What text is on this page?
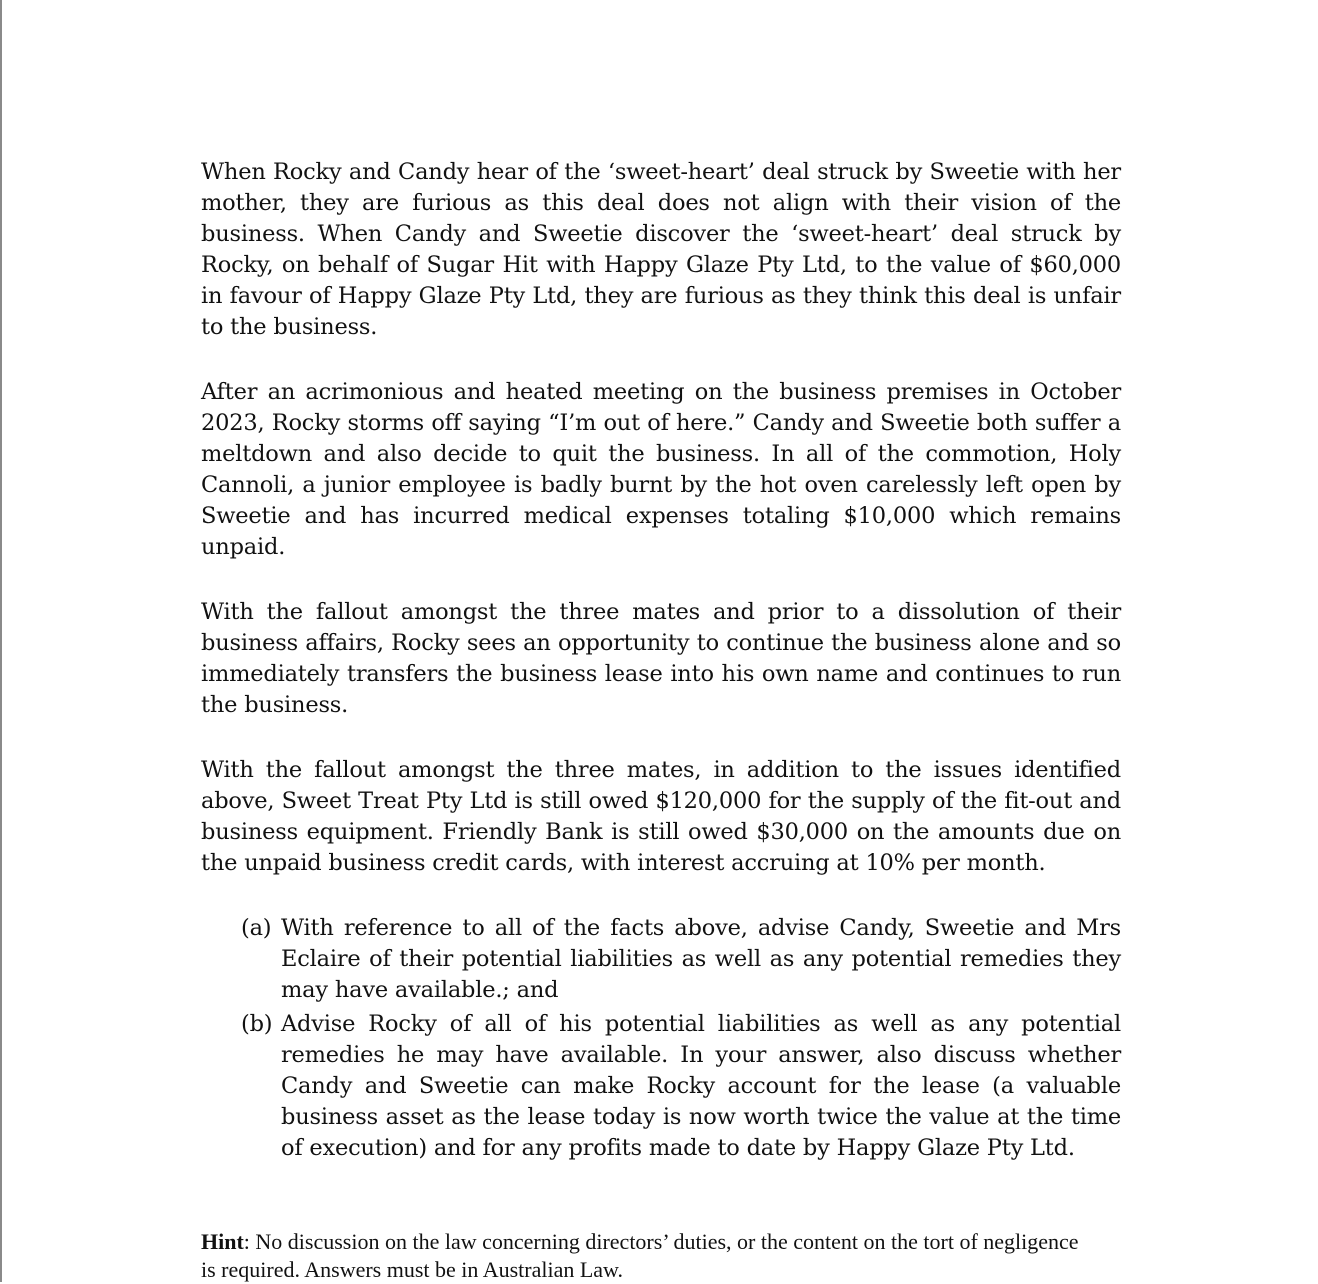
When Rocky and Candy hear of the ‘sweet-heart’ deal struck by Sweetie with her mother, they are furious as this deal does not align with their vision of the business. When Candy and Sweetie discover the ‘sweet-heart’ deal struck by Rocky, on behalf of Sugar Hit with Happy Glaze Pty Ltd, to the value of $60,000 in favour of Happy Glaze Pty Ltd, they are furious as they think this deal is unfair to the business.

After an acrimonious and heated meeting on the business premises in October 2023, Rocky storms off saying “I’m out of here.” Candy and Sweetie both suffer a meltdown and also decide to quit the business. In all of the commotion, Holy Cannoli, a junior employee is badly burnt by the hot oven carelessly left open by Sweetie and has incurred medical expenses totaling $10,000 which remains unpaid.

With the fallout amongst the three mates and prior to a dissolution of their business affairs, Rocky sees an opportunity to continue the business alone and so immediately transfers the business lease into his own name and continues to run the business.

With the fallout amongst the three mates, in addition to the issues identified above, Sweet Treat Pty Ltd is still owed $120,000 for the supply of the fit-out and business equipment. Friendly Bank is still owed $30,000 on the amounts due on the unpaid business credit cards, with interest accruing at 10% per month.

(a) With reference to all of the facts above, advise Candy, Sweetie and Mrs Eclaire of their potential liabilities as well as any potential remedies they may have available.; and
(b) Advise Rocky of all of his potential liabilities as well as any potential remedies he may have available. In your answer, also discuss whether Candy and Sweetie can make Rocky account for the lease (a valuable business asset as the lease today is now worth twice the value at the time of execution) and for any profits made to date by Happy Glaze Pty Ltd.
Hint: No discussion on the law concerning directors’ duties, or the content on the tort of negligence is required. Answers must be in Australian Law.
